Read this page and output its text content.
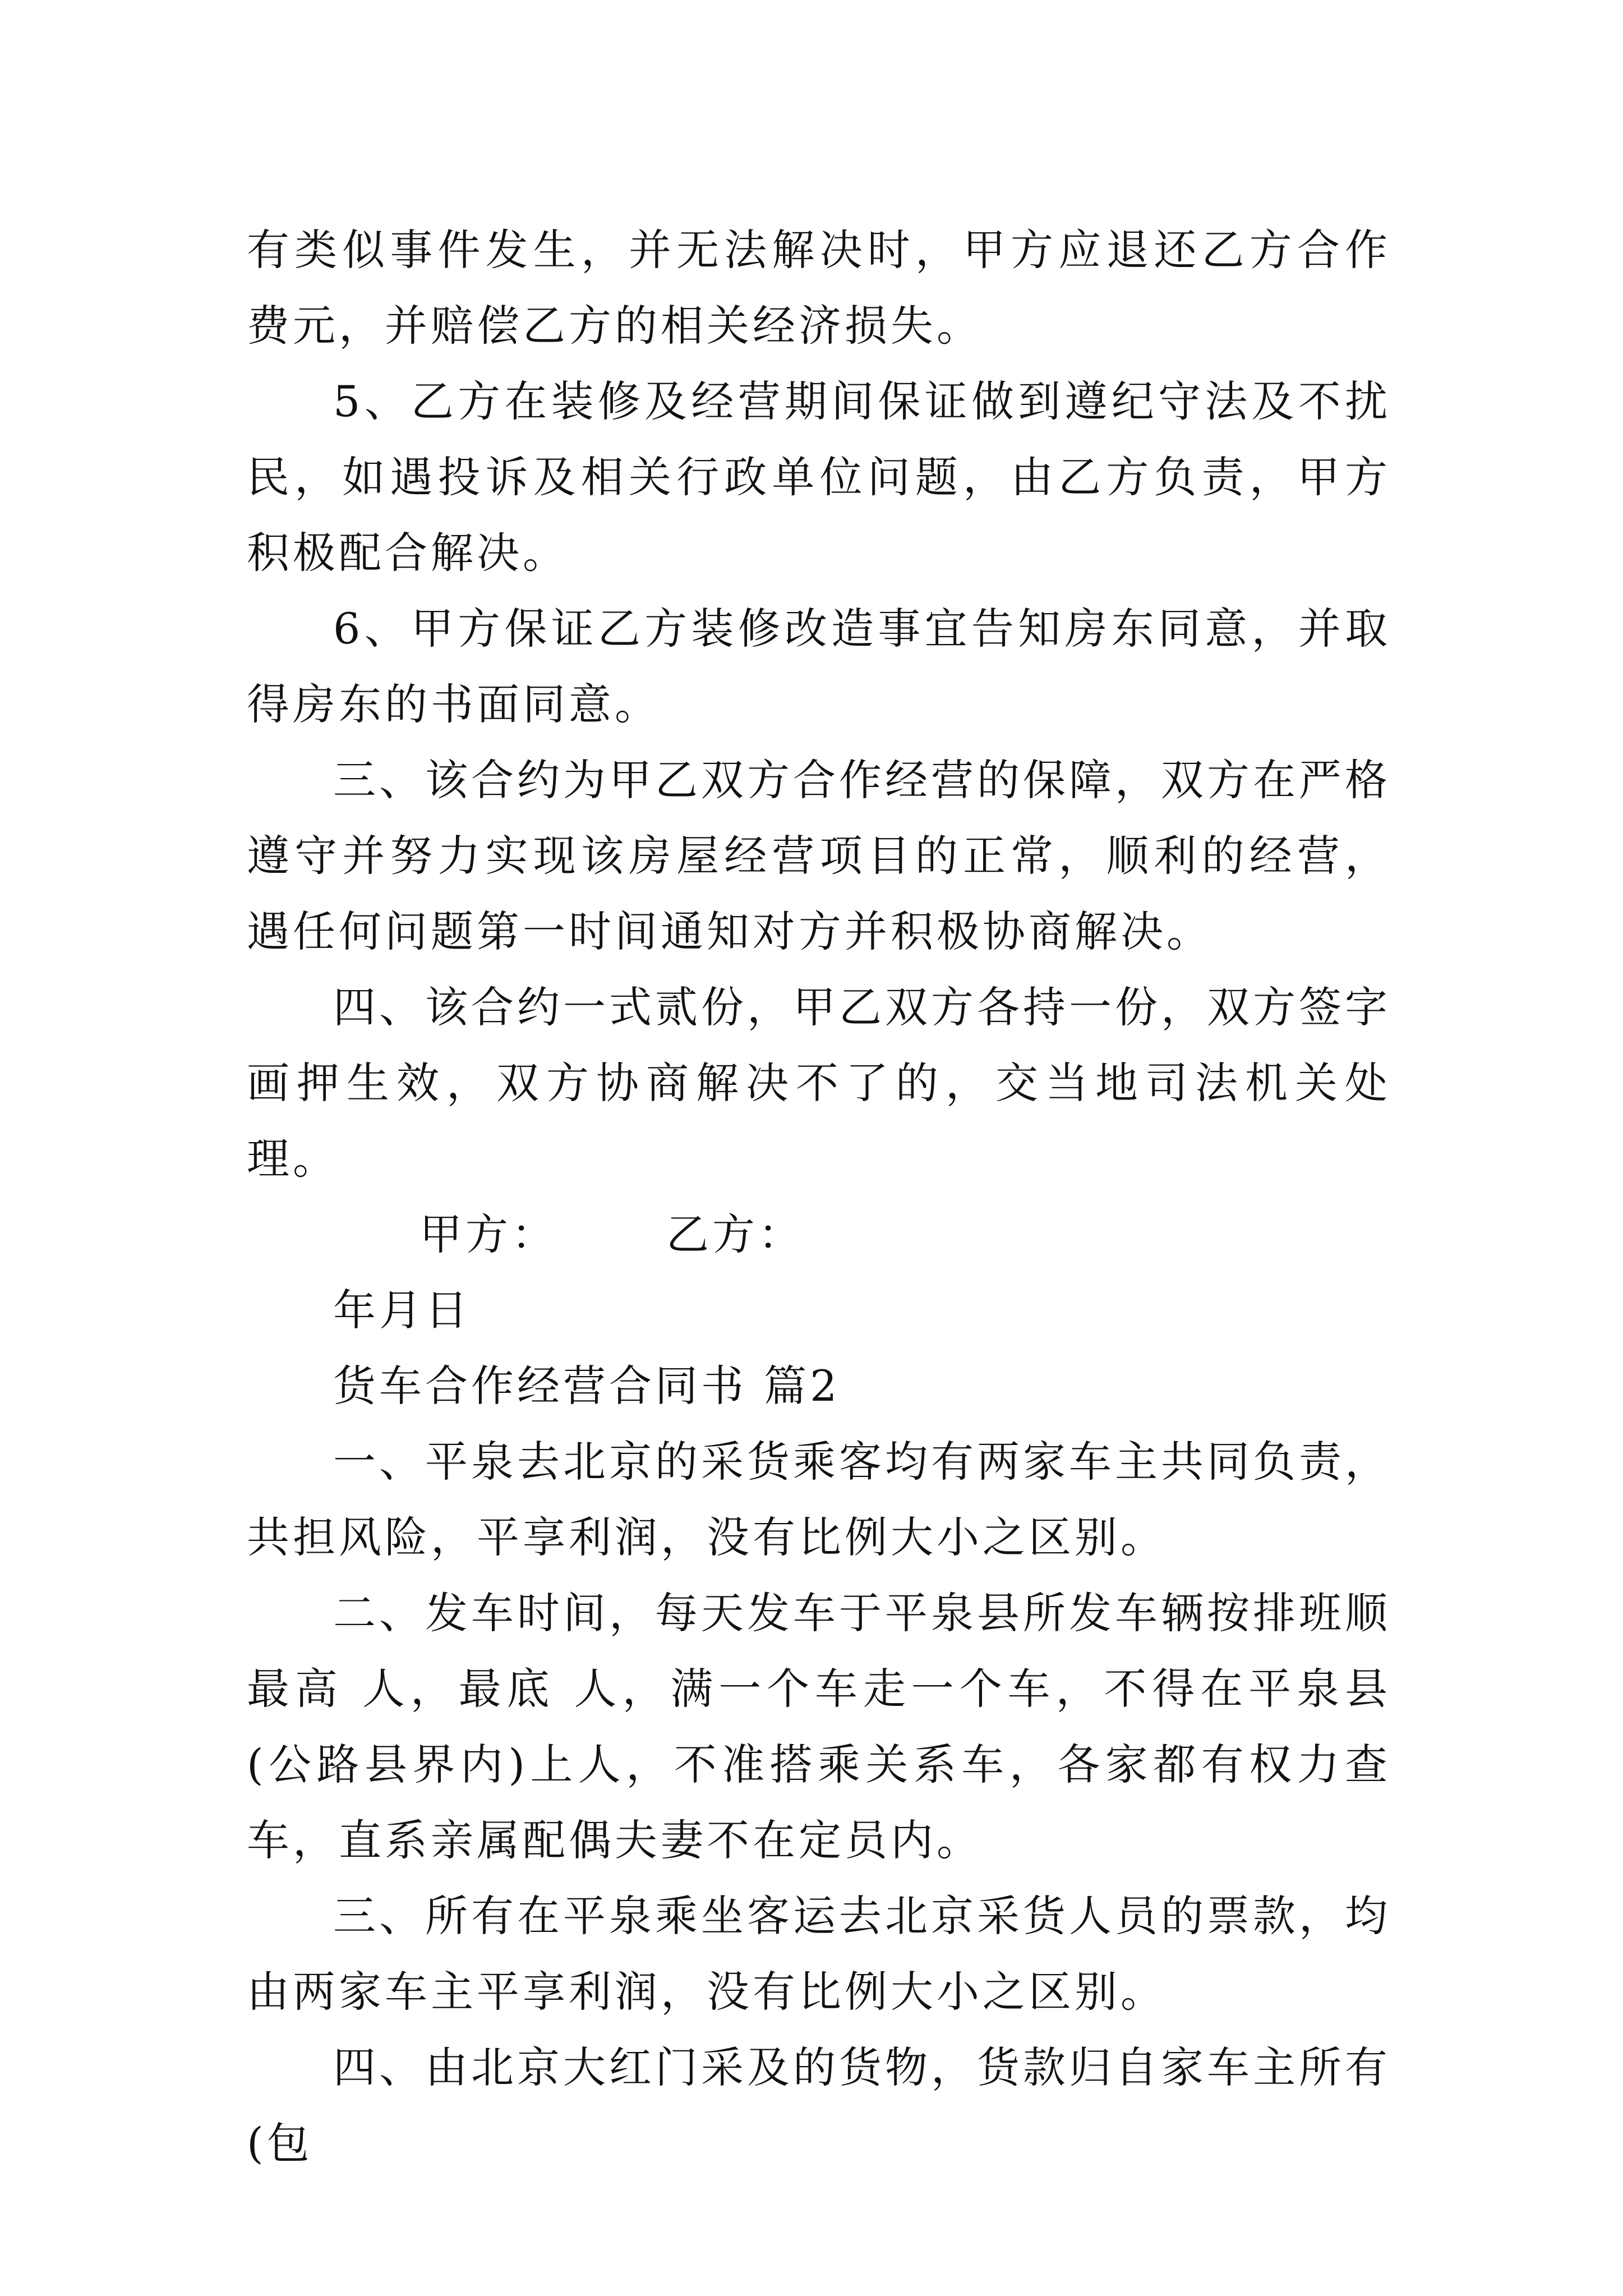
有类似事件发生，并无法解决时，甲方应退还乙方合作费元，并赔偿乙方的相关经济损失。

5、乙方在装修及经营期间保证做到遵纪守法及不扰民，如遇投诉及相关行政单位问题，由乙方负责，甲方积极配合解决。

6、甲方保证乙方装修改造事宜告知房东同意，并取得房东的书面同意。

三、该合约为甲乙双方合作经营的保障，双方在严格遵守并努力实现该房屋经营项目的正常，顺利的经营，遇任何问题第一时间通知对方并积极协商解决。

四、该合约一式贰份，甲乙双方各持一份，双方签字画押生效，双方协商解决不了的，交当地司法机关处理。

甲方：	乙方：

年月日

货车合作经营合同书 篇2

一、平泉去北京的采货乘客均有两家车主共同负责，共担风险，平享利润，没有比例大小之区别。

二、发车时间，每天发车于平泉县所发车辆按排班顺最高 人，最底 人，满一个车走一个车，不得在平泉县(公路县界内)上人，不准搭乘关系车，各家都有权力查车，直系亲属配偶夫妻不在定员内。

三、所有在平泉乘坐客运去北京采货人员的票款，均由两家车主平享利润，没有比例大小之区别。

四、由北京大红门采及的货物，货款归自家车主所有(包
